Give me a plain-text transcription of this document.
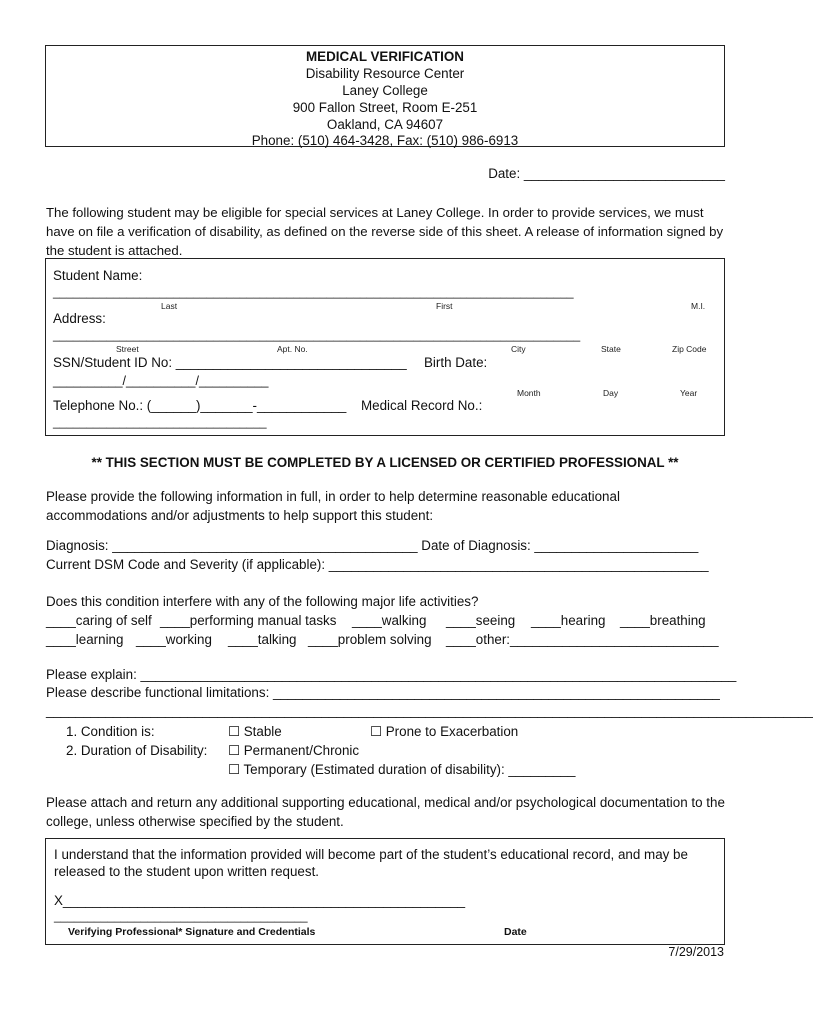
MEDICAL VERIFICATION
Disability Resource Center
Laney College
900 Fallon Street, Room E-251
Oakland, CA 94607
Phone: (510) 464-3428, Fax: (510) 986-6913
Date: ___________________________
The following student may be eligible for special services at Laney College. In order to provide services, we must have on file a verification of disability, as defined on the reverse side of this sheet. A release of information signed by the student is attached.
Student Name:
______________________________________________________________________________
Last	First	M.I.
Address:
_______________________________________________________________________________
Street	Apt. No.	City	State	Zip Code
SSN/Student ID No: _______________________________ Birth Date:
__________/__________/__________
Month	Day	Year
Telephone No.: (______)_______-____________ Medical Record No.:
________________________________
** THIS SECTION MUST BE COMPLETED BY A LICENSED OR CERTIFIED PROFESSIONAL **
Please provide the following information in full, in order to help determine reasonable educational accommodations and/or adjustments to help support this student:
Diagnosis: _________________________________________ Date of Diagnosis: ______________________
Current DSM Code and Severity (if applicable): ___________________________________________________
Does this condition interfere with any of the following major life activities?
____caring of self ____performing manual tasks ____walking ____seeing ____hearing ____breathing
____learning ____working ____talking ____problem solving ____other:____________________________
Please explain: ________________________________________________________________________________
Please describe functional limitations: ____________________________________________________________
_______________________________________________________________________________________________________
1. Condition is:	☐ Stable	☐ Prone to Exacerbation
2. Duration of Disability: ☐ Permanent/Chronic
☐ Temporary (Estimated duration of disability): _________
Please attach and return any additional supporting educational, medical and/or psychological documentation to the college, unless otherwise specified by the student.
I understand that the information provided will become part of the student’s educational record, and may be released to the student upon written request.
X______________________________________________________
______________________________________
Verifying Professional* Signature and Credentials	Date
7/29/2013
